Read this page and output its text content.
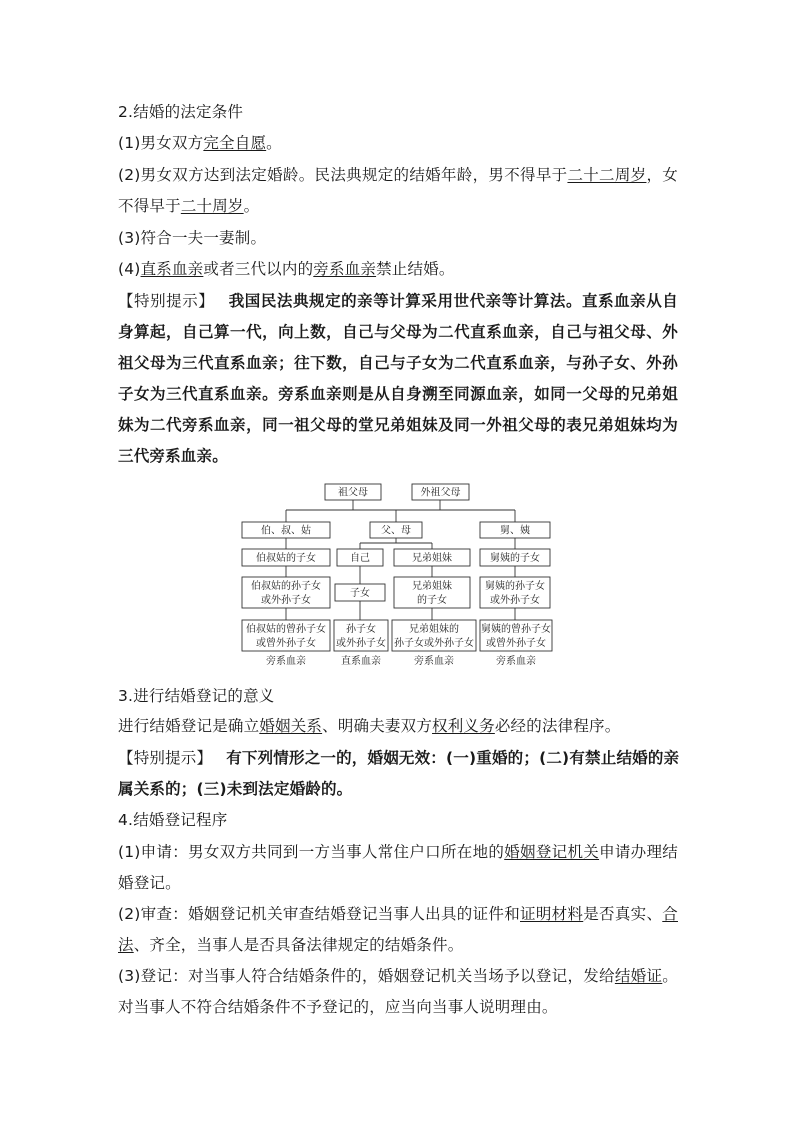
2.结婚的法定条件
(1)男女双方完全自愿。
(2)男女双方达到法定婚龄。民法典规定的结婚年龄，男不得早于二十二周岁，女
不得早于二十周岁。
(3)符合一夫一妻制。
(4)直系血亲或者三代以内的旁系血亲禁止结婚。
【特别提示】 我国民法典规定的亲等计算采用世代亲等计算法。直系血亲从自
身算起，自己算一代，向上数，自己与父母为二代直系血亲，自己与祖父母、外
祖父母为三代直系血亲；往下数，自己与子女为二代直系血亲，与孙子女、外孙
子女为三代直系血亲。旁系血亲则是从自身溯至同源血亲，如同一父母的兄弟姐
妹为二代旁系血亲，同一祖父母的堂兄弟姐妹及同一外祖父母的表兄弟姐妹均为
三代旁系血亲。
祖父母	外祖父母
伯、叔、姑	父、母	舅、姨
伯叔姑的子女	自己	兄弟姐妹	舅姨的子女
伯叔姑的孙子女
或外孙子女
子女
兄弟姐妹
的子女
舅姨的孙子女
或外孙子女
伯叔姑的曾孙子女
或曾外孙子女
孙子女
或外孙子女
兄弟姐妹的
孙子女或外孙子女
舅姨的曾孙子女
或曾外孙子女
旁系血亲	直系血亲	旁系血亲	旁系血亲
3.进行结婚登记的意义
进行结婚登记是确立婚姻关系、明确夫妻双方权利义务必经的法律程序。
【特别提示】 有下列情形之一的，婚姻无效：(一)重婚的；(二)有禁止结婚的亲
属关系的；(三)未到法定婚龄的。
4.结婚登记程序
(1)申请：男女双方共同到一方当事人常住户口所在地的婚姻登记机关申请办理结
婚登记。
(2)审查：婚姻登记机关审查结婚登记当事人出具的证件和证明材料是否真实、合
法、齐全，当事人是否具备法律规定的结婚条件。
(3)登记：对当事人符合结婚条件的，婚姻登记机关当场予以登记，发给结婚证。
对当事人不符合结婚条件不予登记的，应当向当事人说明理由。
